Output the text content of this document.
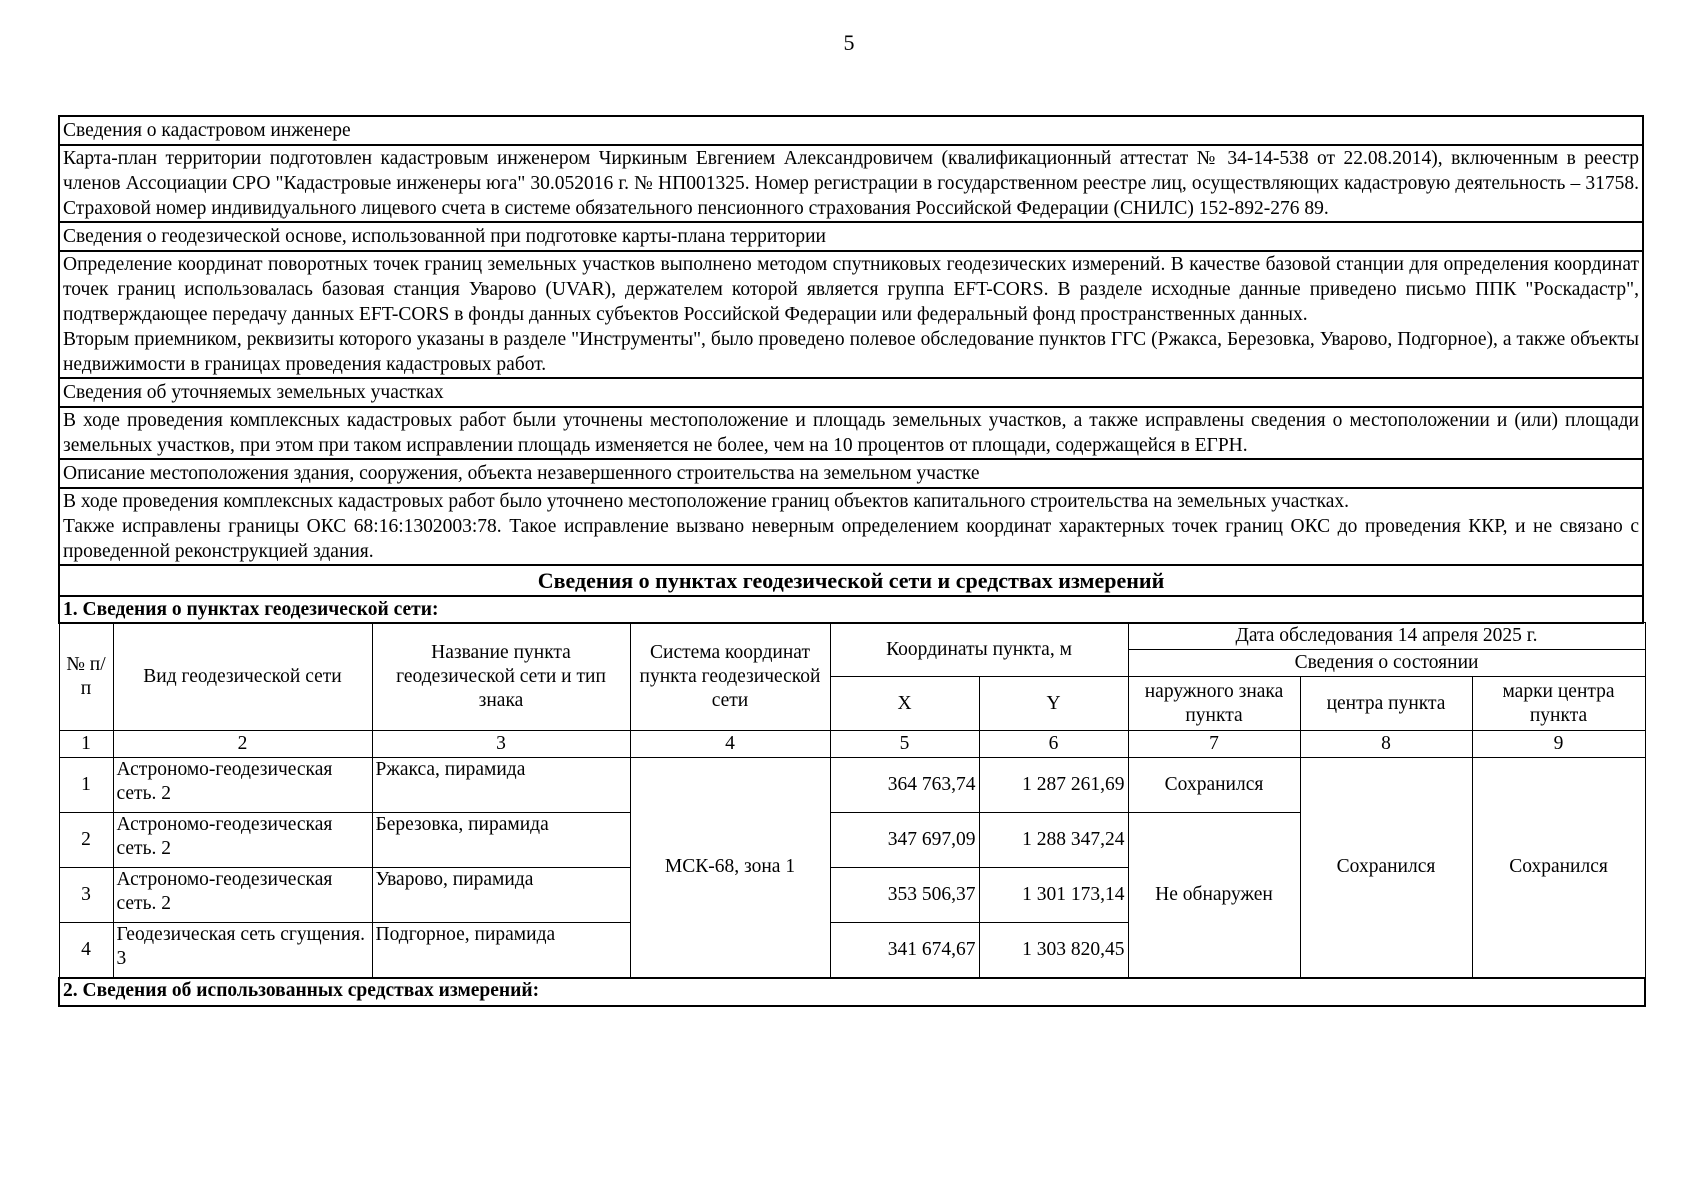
5
Сведения о кадастровом инженере
Карта-план территории подготовлен кадастровым инженером Чиркиным Евгением Александровичем (квалификационный аттестат № 34-14-538 от 22.08.2014), включенным в реестр членов Ассоциации СРО "Кадастровые инженеры юга" 30.052016 г. № НП001325. Номер регистрации в государственном реестре лиц, осуществляющих кадастровую деятельность – 31758. Страховой номер индивидуального лицевого счета в системе обязательного пенсионного страхования Российской Федерации (СНИЛС) 152-892-276 89.
Сведения о геодезической основе, использованной при подготовке карты-плана территории

Определение координат поворотных точек границ земельных участков выполнено методом спутниковых геодезических измерений. В качестве базовой станции для определения координат точек границ использовалась базовая станция Уварово (UVAR), держателем которой является группа EFT-CORS. В разделе исходные данные приведено письмо ППК "Роскадастр", подтверждающее передачу данных EFT-CORS в фонды данных субъектов Российской Федерации или федеральный фонд пространственных данных.
Вторым приемником, реквизиты которого указаны в разделе "Инструменты", было проведено полевое обследование пунктов ГГС (Ржакса, Березовка, Уварово, Подгорное), а также объекты недвижимости в границах проведения кадастровых работ.

Сведения об уточняемых земельных участках
В ходе проведения комплексных кадастровых работ были уточнены местоположение и площадь земельных участков, а также исправлены сведения о местоположении и (или) площади земельных участков, при этом при таком исправлении площадь изменяется не более, чем на 10 процентов от площади, содержащейся в ЕГРН.
Описание местоположения здания, сооружения, объекта незавершенного строительства на земельном участке

В ходе проведения комплексных кадастровых работ было уточнено местоположение границ объектов капитального строительства на земельных участках.
Также исправлены границы ОКС 68:16:1302003:78. Такое исправление вызвано неверным определением координат характерных точек границ ОКС до проведения ККР, и не связано с проведенной реконструкцией здания.

Сведения о пунктах геодезической сети и средствах измерений
1. Сведения о пунктах геодезической сети:
№ п/п	Вид геодезической сети	Название пункта геодезической сети и тип знака	Система координат пункта геодезической сети	Координаты пункта, м		Дата обследования 14 апреля 2025 г.		
						Сведения о состоянии		
				X	Y	наружного знака пункта	центра пункта	марки центра пункта
1	2	3	4	5	6	7	8	9
1	Астрономо-геодезическая сеть. 2	Ржакса, пирамида	МСК-68, зона 1	364 763,74	1 287 261,69	Сохранился	Сохранился	Сохранился
2	Астрономо-геодезическая сеть. 2	Березовка, пирамида		347 697,09	1 288 347,24	Не обнаружен		
3	Астрономо-геодезическая сеть. 2	Уварово, пирамида		353 506,37	1 301 173,14			
4	Геодезическая сеть сгущения. 3	Подгорное, пирамида		341 674,67	1 303 820,45			
2. Сведения об использованных средствах измерений:								
